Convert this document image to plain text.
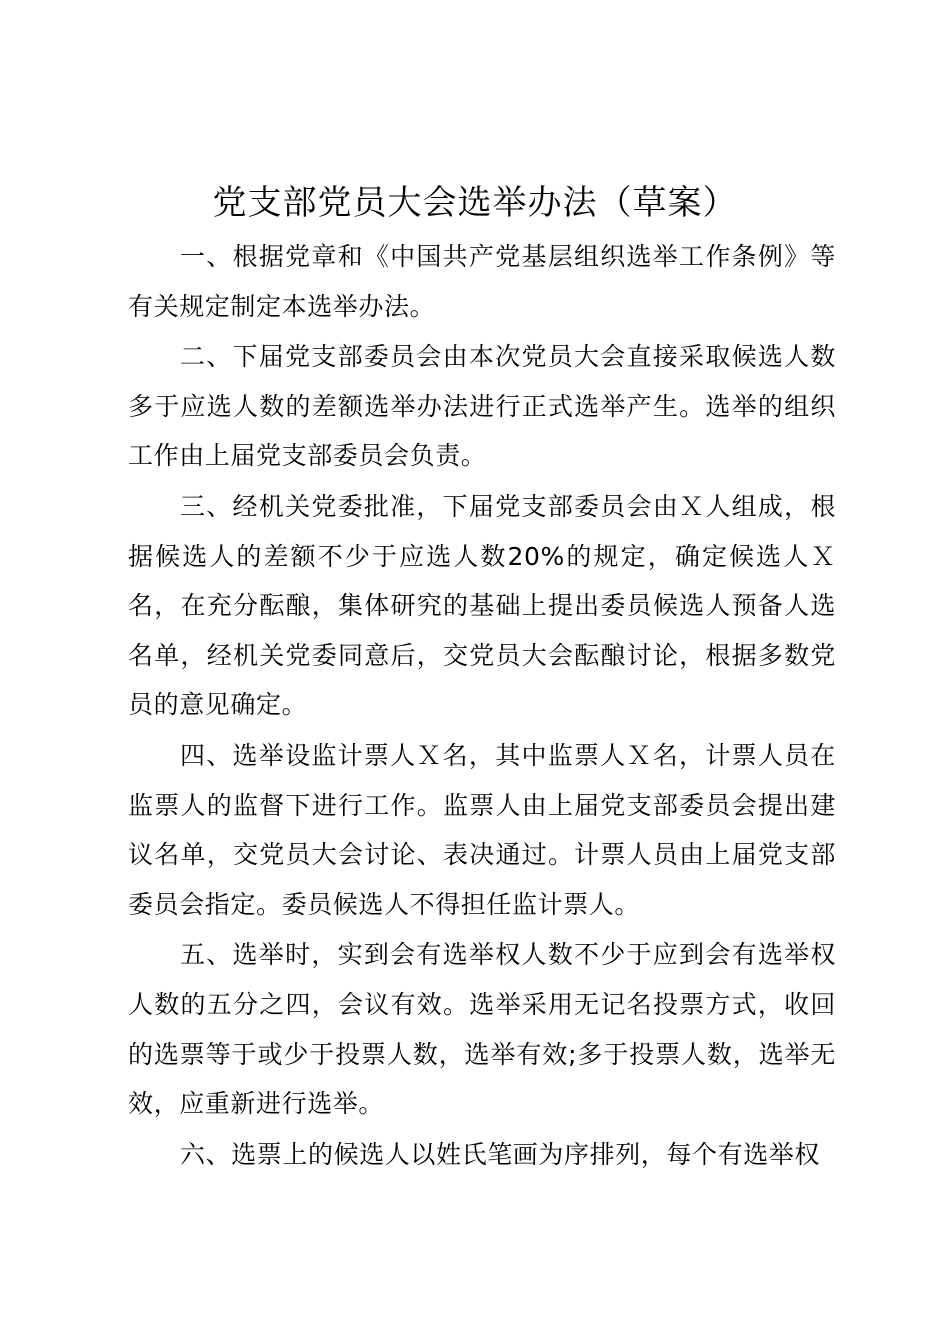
党支部党员大会选举办法（草案）

一、根据党章和《中国共产党基层组织选举工作条例》等有关规定制定本选举办法。

二、下届党支部委员会由本次党员大会直接采取候选人数多于应选人数的差额选举办法进行正式选举产生。选举的组织工作由上届党支部委员会负责。

三、经机关党委批准，下届党支部委员会由Ｘ人组成，根据候选人的差额不少于应选人数20%的规定，确定候选人Ｘ名，在充分酝酿，集体研究的基础上提出委员候选人预备人选名单，经机关党委同意后，交党员大会酝酿讨论，根据多数党员的意见确定。

四、选举设监计票人Ｘ名，其中监票人Ｘ名，计票人员在监票人的监督下进行工作。监票人由上届党支部委员会提出建议名单，交党员大会讨论、表决通过。计票人员由上届党支部委员会指定。委员候选人不得担任监计票人。

五、选举时，实到会有选举权人数不少于应到会有选举权人数的五分之四，会议有效。选举采用无记名投票方式，收回的选票等于或少于投票人数，选举有效;多于投票人数，选举无效，应重新进行选举。

六、选票上的候选人以姓氏笔画为序排列，每个有选举权
